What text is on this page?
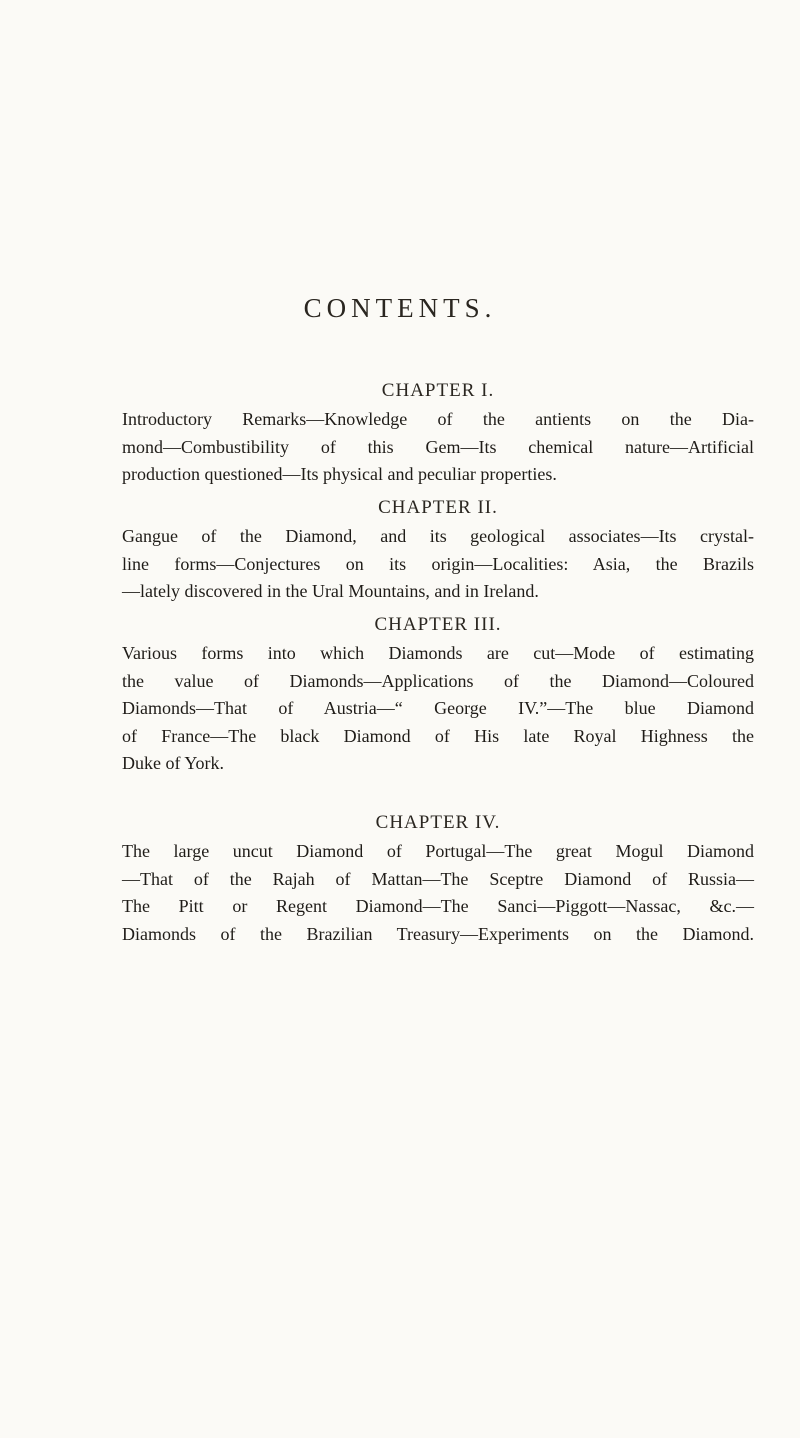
CONTENTS.
CHAPTER I.

Introductory Remarks—Knowledge of the antients on the Dia-

mond—Combustibility of this Gem—Its chemical nature—Artificial

production questioned—Its physical and peculiar properties.

CHAPTER II.

Gangue of the Diamond, and its geological associates—Its crystal-

line forms—Conjectures on its origin—Localities: Asia, the Brazils

—lately discovered in the Ural Mountains, and in Ireland.

CHAPTER III.

Various forms into which Diamonds are cut—Mode of estimating

the value of Diamonds—Applications of the Diamond—Coloured

Diamonds—That of Austria—“ George IV.”—The blue Diamond

of France—The black Diamond of His late Royal Highness the

Duke of York.

CHAPTER IV.

The large uncut Diamond of Portugal—The great Mogul Diamond

—That of the Rajah of Mattan—The Sceptre Diamond of Russia—

The Pitt or Regent Diamond—The Sanci—Piggott—Nassac, &c.—

Diamonds of the Brazilian Treasury—Experiments on the Diamond.
